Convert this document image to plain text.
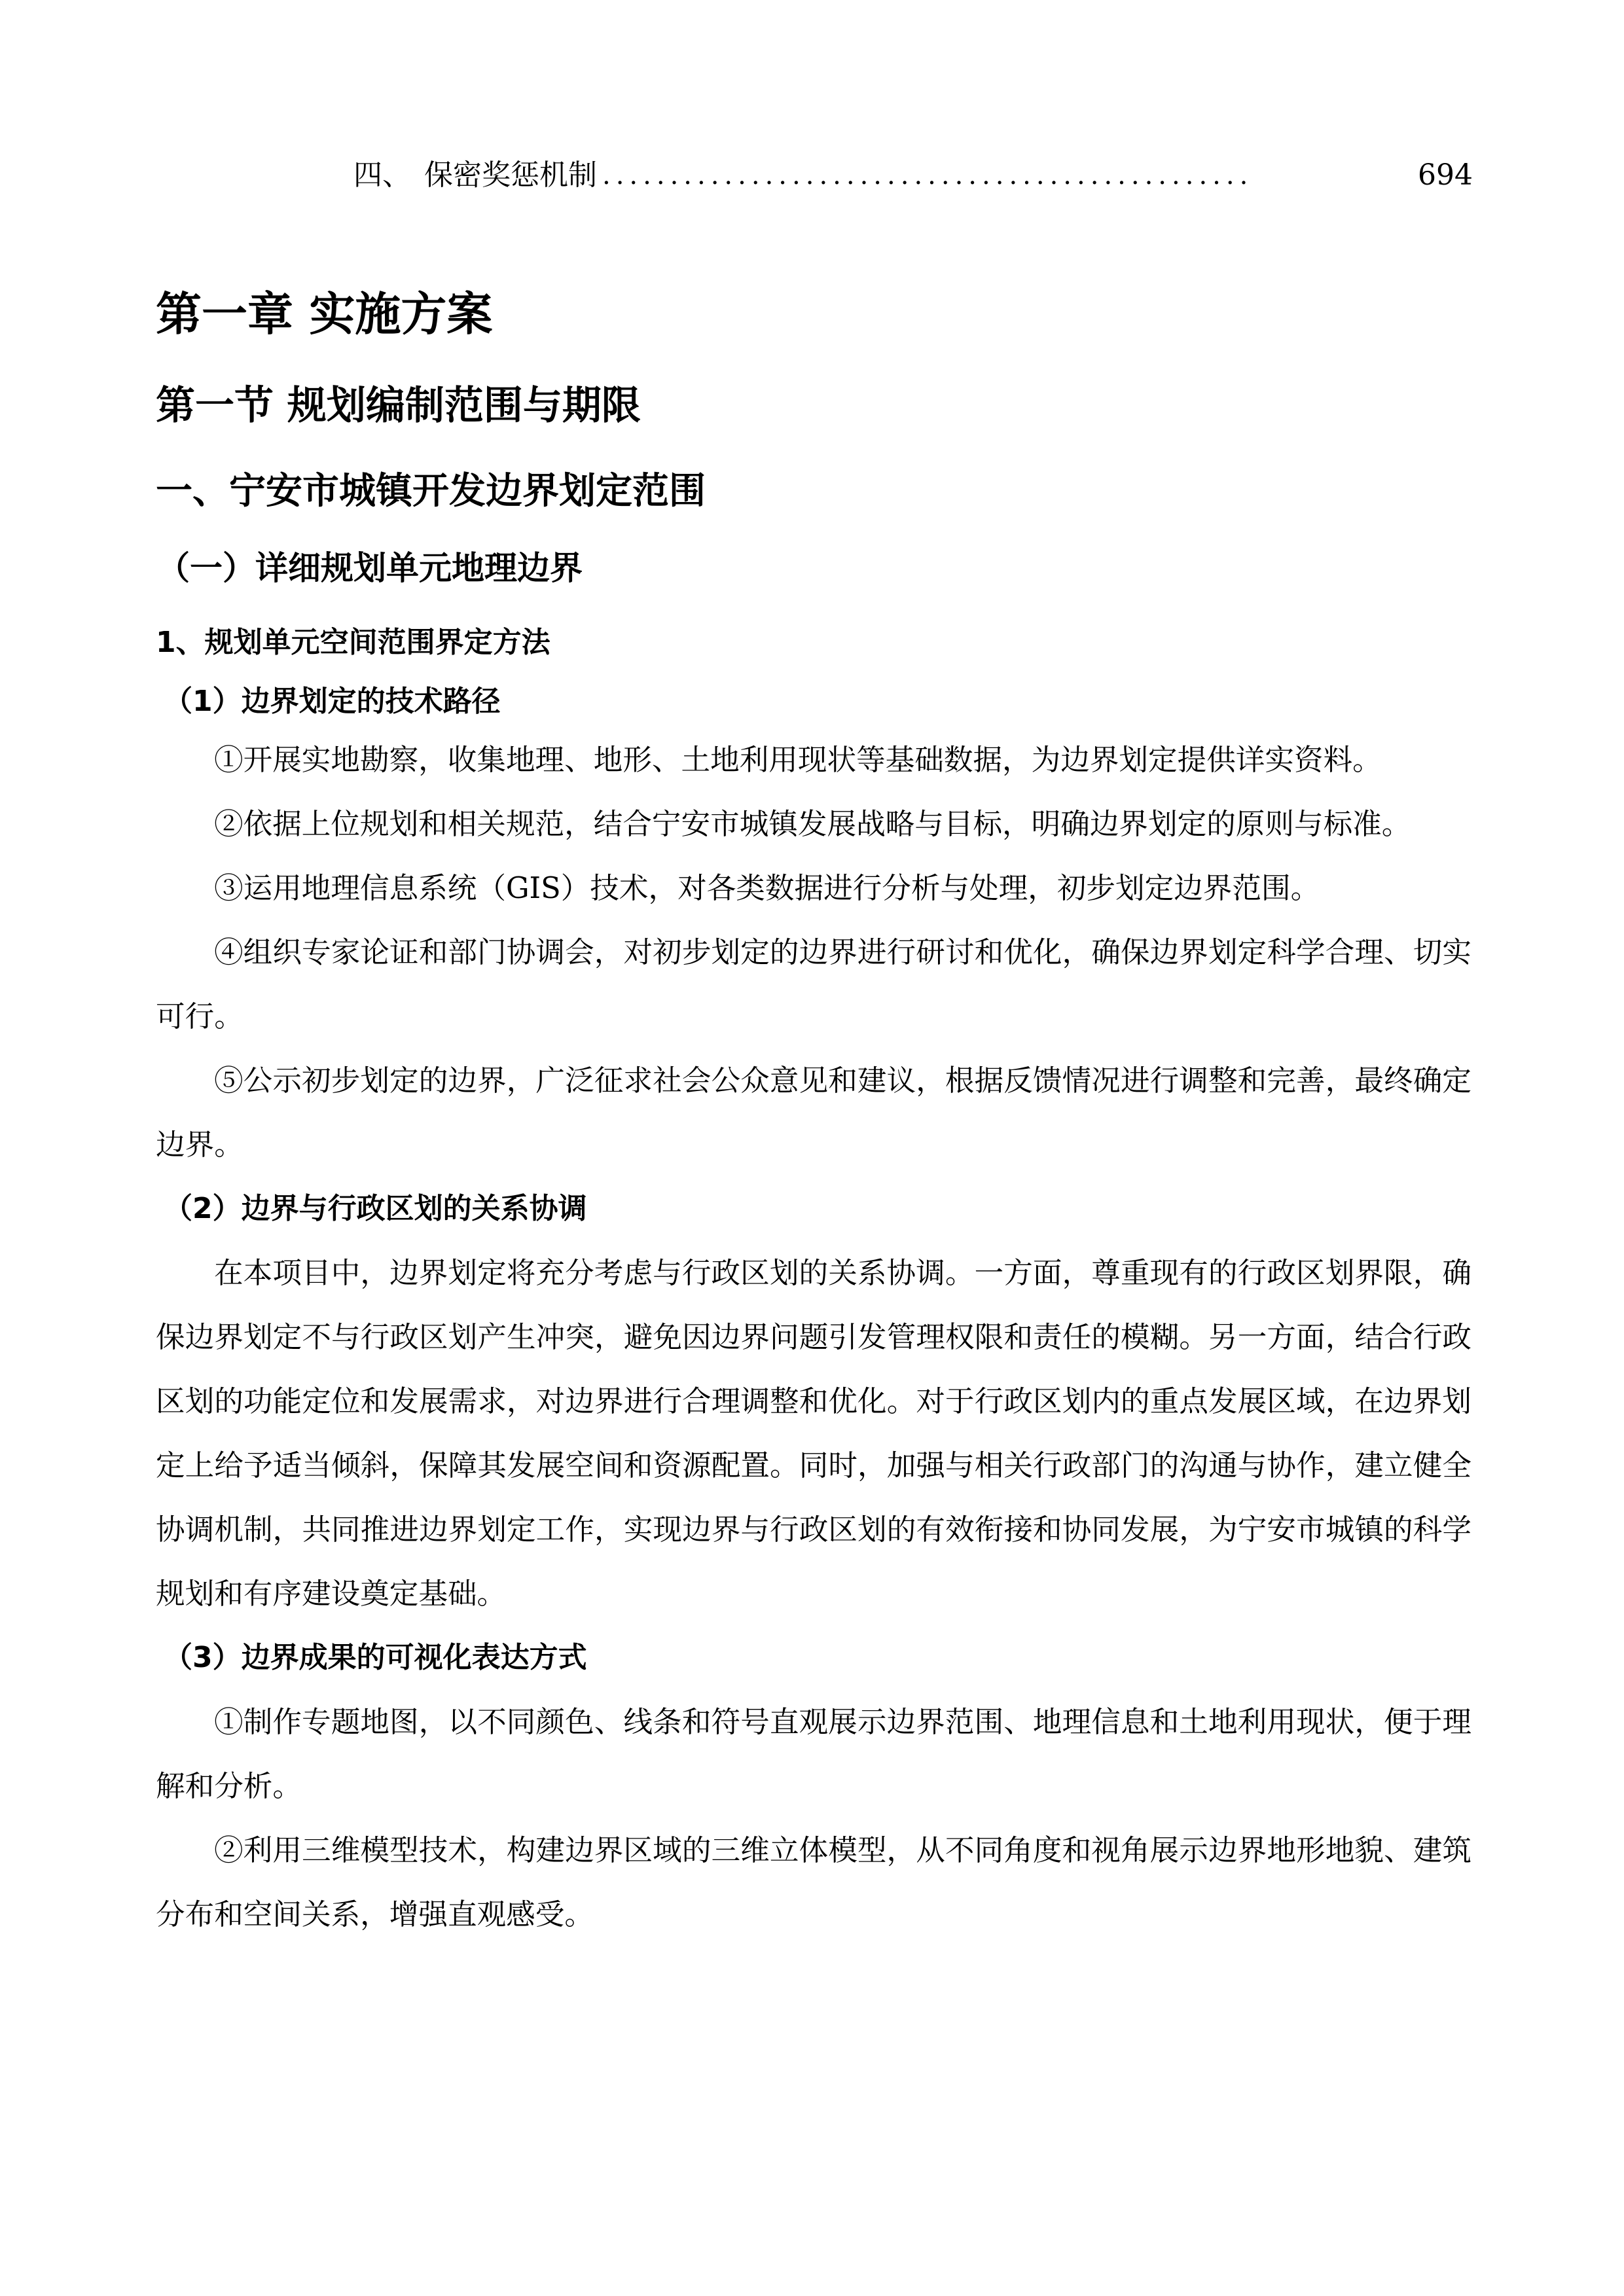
四、 保密奖惩机制 ................................................	694
第一章 实施方案
第一节 规划编制范围与期限
一、宁安市城镇开发边界划定范围
（一）详细规划单元地理边界
1、规划单元空间范围界定方法
（1）边界划定的技术路径

①开展实地勘察，收集地理、地形、土地利用现状等基础数据，为边界划定提供详实资料。

②依据上位规划和相关规范，结合宁安市城镇发展战略与目标，明确边界划定的原则与标准。

③运用地理信息系统（GIS）技术，对各类数据进行分析与处理，初步划定边界范围。

④组织专家论证和部门协调会，对初步划定的边界进行研讨和优化，确保边界划定科学合理、切实可行。

⑤公示初步划定的边界，广泛征求社会公众意见和建议，根据反馈情况进行调整和完善，最终确定边界。

（2）边界与行政区划的关系协调

在本项目中，边界划定将充分考虑与行政区划的关系协调。一方面，尊重现有的行政区划界限，确保边界划定不与行政区划产生冲突，避免因边界问题引发管理权限和责任的模糊。另一方面，结合行政区划的功能定位和发展需求，对边界进行合理调整和优化。对于行政区划内的重点发展区域，在边界划定上给予适当倾斜，保障其发展空间和资源配置。同时，加强与相关行政部门的沟通与协作，建立健全协调机制，共同推进边界划定工作，实现边界与行政区划的有效衔接和协同发展，为宁安市城镇的科学规划和有序建设奠定基础。

（3）边界成果的可视化表达方式

①制作专题地图，以不同颜色、线条和符号直观展示边界范围、地理信息和土地利用现状，便于理解和分析。

②利用三维模型技术，构建边界区域的三维立体模型，从不同角度和视角展示边界地形地貌、建筑分布和空间关系，增强直观感受。
